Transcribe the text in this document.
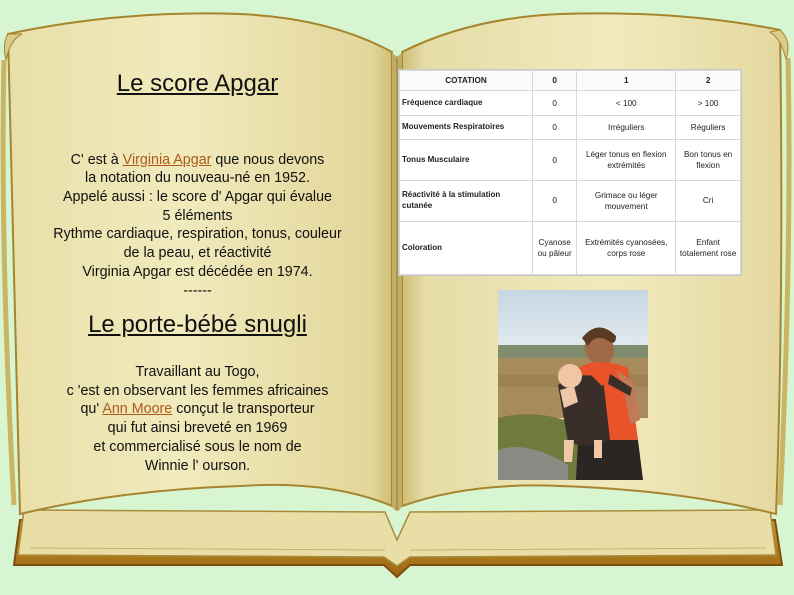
Le score Apgar
C' est à Virginia Apgar que nous devons
la notation du nouveau-né en 1952.
Appelé aussi : le score d' Apgar qui évalue
5 éléments
Rythme cardiaque, respiration, tonus, couleur
de la peau, et réactivité
Virginia Apgar est décédée en 1974.
------
Le porte-bébé snugli
Travaillant au Togo,
c 'est en observant les femmes africaines
qu' Ann Moore conçut le transporteur
qui fut ainsi breveté en 1969
et commercialisé sous le nom de
Winnie l' ourson.
COTATION	0	1	2
Fréquence cardiaque	0	< 100	> 100
Mouvements Respiratoires	0	Irréguliers	Réguliers
Tonus Musculaire	0	Léger tonus en flexion extrémités	Bon tonus en flexion
Réactivité à la stimulation cutanée	0	Grimace ou léger mouvement	Cri
Coloration	Cyanose ou pâleur	Extrémités cyanosées, corps rose	Enfant totalement rose
